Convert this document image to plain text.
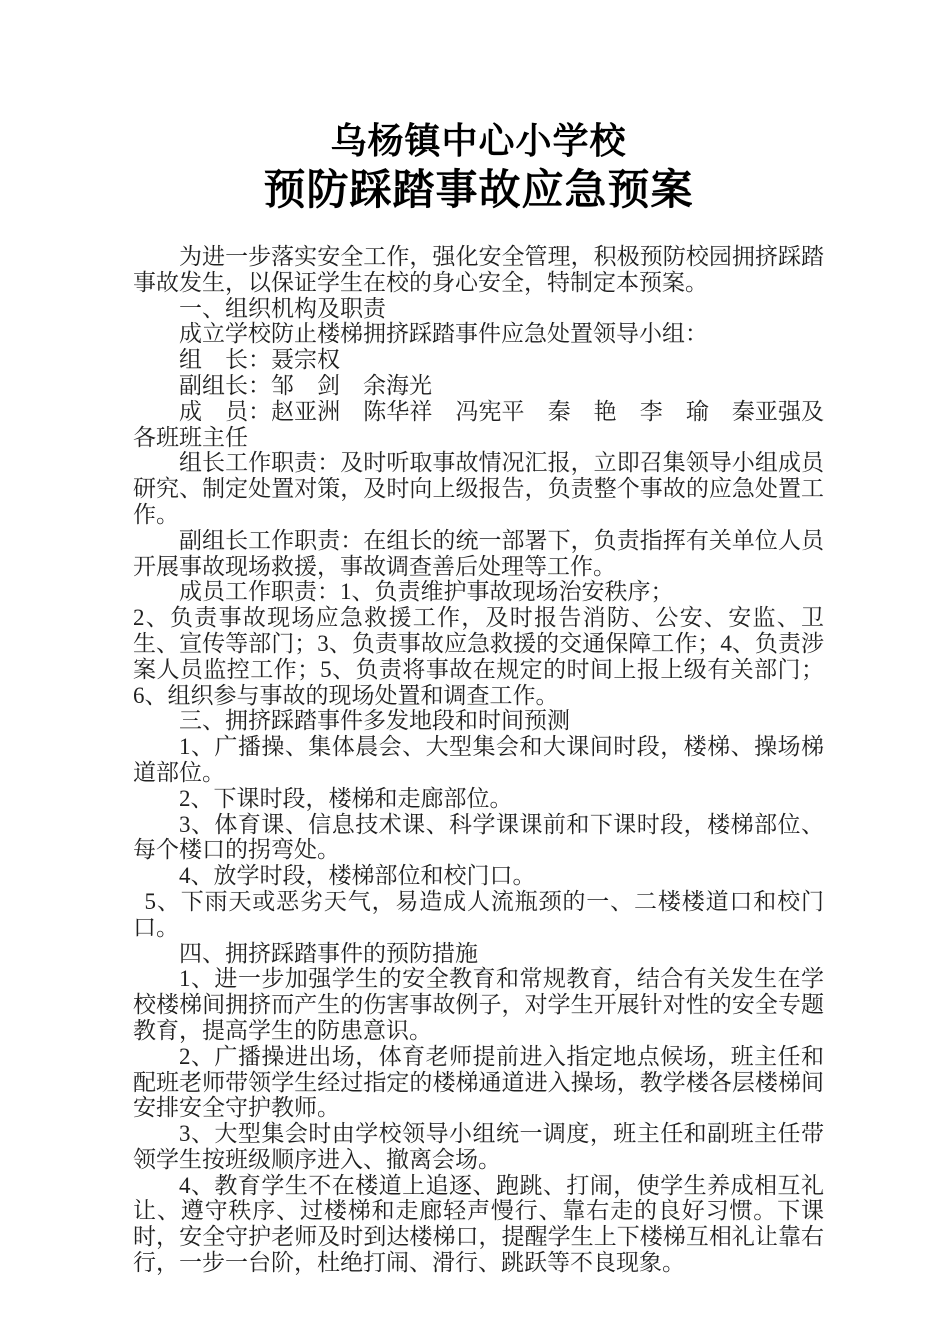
乌杨镇中心小学校
预防踩踏事故应急预案

为进一步落实安全工作，强化安全管理，积极预防校园拥挤踩踏事故发生，以保证学生在校的身心安全，特制定本预案。

一、组织机构及职责

成立学校防止楼梯拥挤踩踏事件应急处置领导小组：

组　长：聂宗权

副组长：邹　剑　余海光

成　员：赵亚洲　陈华祥　冯宪平　秦　艳　李　瑜　秦亚强及各班班主任

组长工作职责：及时听取事故情况汇报，立即召集领导小组成员研究、制定处置对策，及时向上级报告，负责整个事故的应急处置工作。

副组长工作职责：在组长的统一部署下，负责指挥有关单位人员开展事故现场救援，事故调查善后处理等工作。

成员工作职责：1、负责维护事故现场治安秩序；

2、负责事故现场应急救援工作，及时报告消防、公安、安监、卫生、宣传等部门；3、负责事故应急救援的交通保障工作；4、负责涉案人员监控工作；5、负责将事故在规定的时间上报上级有关部门；6、组织参与事故的现场处置和调查工作。

三、拥挤踩踏事件多发地段和时间预测

1、广播操、集体晨会、大型集会和大课间时段，楼梯、操场梯道部位。

2、下课时段，楼梯和走廊部位。

3、体育课、信息技术课、科学课课前和下课时段，楼梯部位、每个楼口的拐弯处。

4、放学时段，楼梯部位和校门口。

5、下雨天或恶劣天气，易造成人流瓶颈的一、二楼楼道口和校门口。

四、拥挤踩踏事件的预防措施

1、进一步加强学生的安全教育和常规教育，结合有关发生在学校楼梯间拥挤而产生的伤害事故例子，对学生开展针对性的安全专题教育，提高学生的防患意识。

2、广播操进出场，体育老师提前进入指定地点候场，班主任和配班老师带领学生经过指定的楼梯通道进入操场，教学楼各层楼梯间安排安全守护教师。

3、大型集会时由学校领导小组统一调度，班主任和副班主任带领学生按班级顺序进入、撤离会场。

4、教育学生不在楼道上追逐、跑跳、打闹，使学生养成相互礼让、遵守秩序、过楼梯和走廊轻声慢行、靠右走的良好习惯。下课时，安全守护老师及时到达楼梯口，提醒学生上下楼梯互相礼让靠右行，一步一台阶，杜绝打闹、滑行、跳跃等不良现象。
